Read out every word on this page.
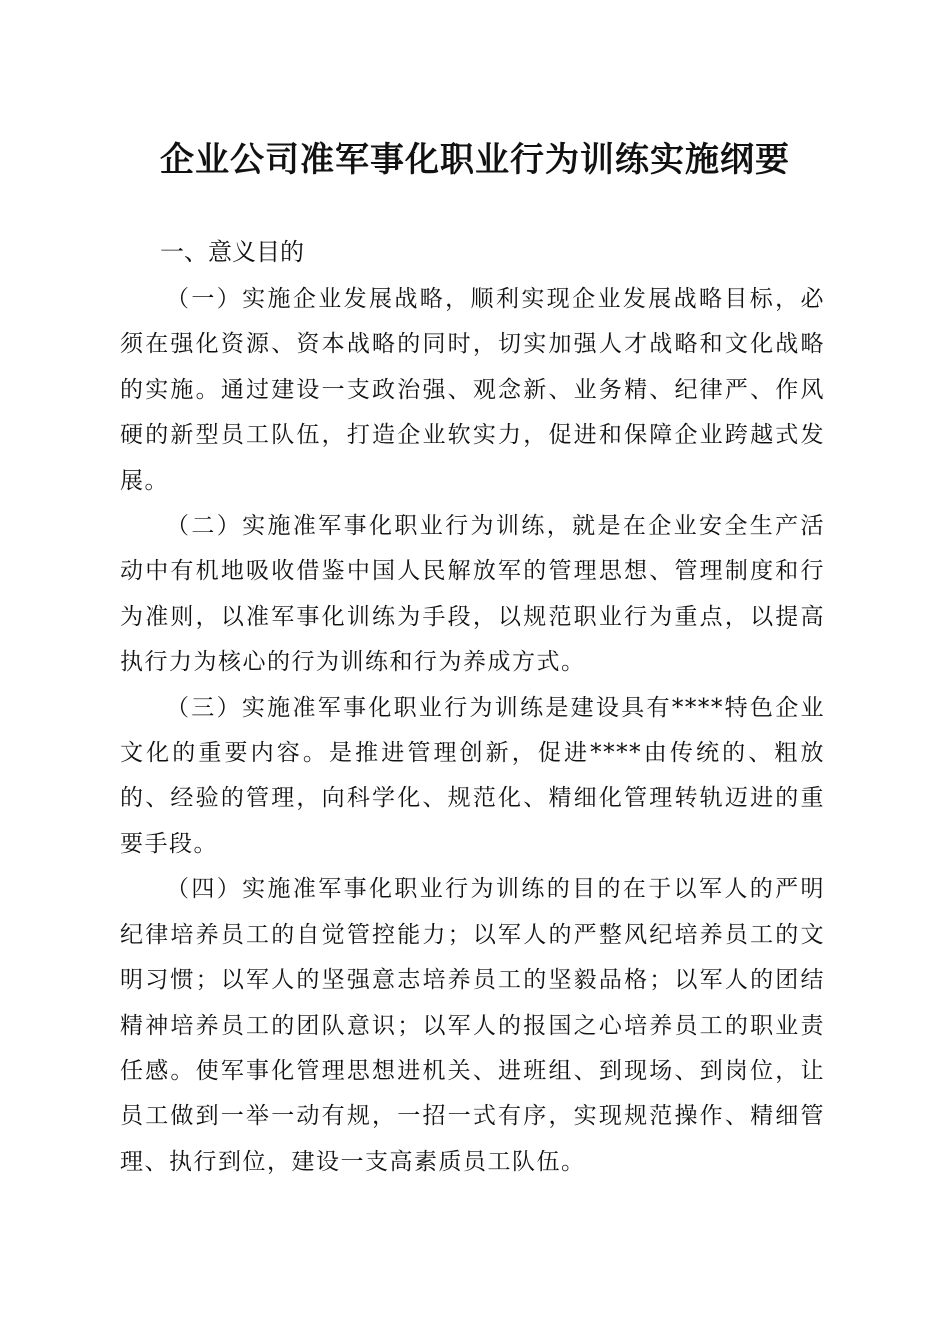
企业公司准军事化职业行为训练实施纲要
一、意义目的

（一）实施企业发展战略，顺利实现企业发展战略目标，必须在强化资源、资本战略的同时，切实加强人才战略和文化战略的实施。通过建设一支政治强、观念新、业务精、纪律严、作风硬的新型员工队伍，打造企业软实力，促进和保障企业跨越式发展。

（二）实施准军事化职业行为训练，就是在企业安全生产活动中有机地吸收借鉴中国人民解放军的管理思想、管理制度和行为准则，以准军事化训练为手段，以规范职业行为重点，以提高执行力为核心的行为训练和行为养成方式。

（三）实施准军事化职业行为训练是建设具有****特色企业文化的重要内容。是推进管理创新，促进****由传统的、粗放的、经验的管理，向科学化、规范化、精细化管理转轨迈进的重要手段。

（四）实施准军事化职业行为训练的目的在于以军人的严明纪律培养员工的自觉管控能力；以军人的严整风纪培养员工的文明习惯；以军人的坚强意志培养员工的坚毅品格；以军人的团结精神培养员工的团队意识；以军人的报国之心培养员工的职业责任感。使军事化管理思想进机关、进班组、到现场、到岗位，让员工做到一举一动有规，一招一式有序，实现规范操作、精细管理、执行到位，建设一支高素质员工队伍。
